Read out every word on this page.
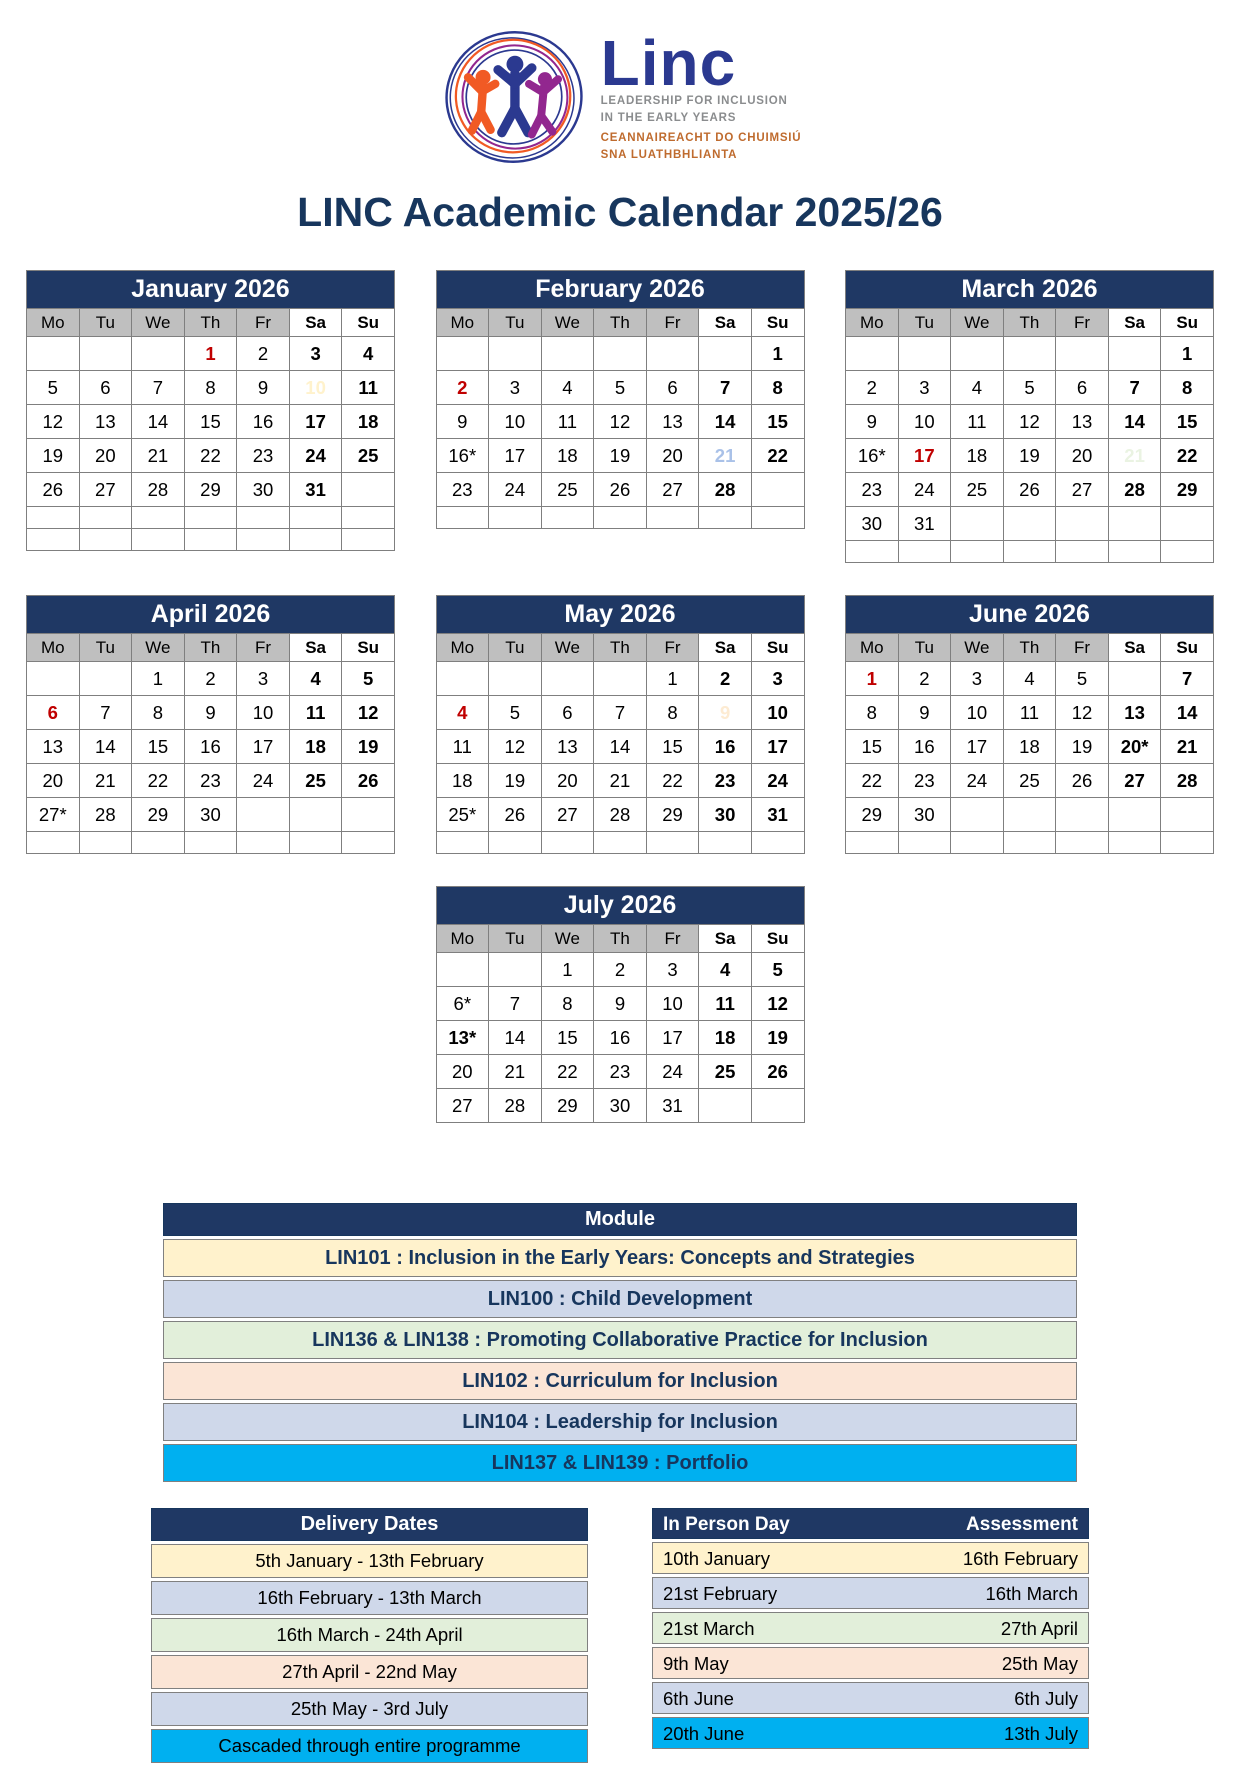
Linc
LEADERSHIP FOR INCLUSION
IN THE EARLY YEARS
CEANNAIREACHT DO CHUIMSIÚ
SNA LUATHBHLIANTA
LINC Academic Calendar 2025/26
January 2026						
Mo	Tu	We	Th	Fr	Sa	Su
			1	2	3	4
5	6	7	8	9	10	11
12	13	14	15	16	17	18
19	20	21	22	23	24	25
26	27	28	29	30	31	

February 2026						
Mo	Tu	We	Th	Fr	Sa	Su
						1
2	3	4	5	6	7	8
9	10	11	12	13	14	15
16*	17	18	19	20	21	22
23	24	25	26	27	28	

March 2026						
Mo	Tu	We	Th	Fr	Sa	Su
						1
2	3	4	5	6	7	8
9	10	11	12	13	14	15
16*	17	18	19	20	21	22
23	24	25	26	27	28	29
30	31					

April 2026						
Mo	Tu	We	Th	Fr	Sa	Su
		1	2	3	4	5
6	7	8	9	10	11	12
13	14	15	16	17	18	19
20	21	22	23	24	25	26
27*	28	29	30			

May 2026						
Mo	Tu	We	Th	Fr	Sa	Su
				1	2	3
4	5	6	7	8	9	10
11	12	13	14	15	16	17
18	19	20	21	22	23	24
25*	26	27	28	29	30	31

June 2026						
Mo	Tu	We	Th	Fr	Sa	Su
1	2	3	4	5	6	7
8	9	10	11	12	13	14
15	16	17	18	19	20*	21
22	23	24	25	26	27	28
29	30					

July 2026						
Mo	Tu	We	Th	Fr	Sa	Su
		1	2	3	4	5
6*	7	8	9	10	11	12
13*	14	15	16	17	18	19
20	21	22	23	24	25	26
27	28	29	30	31		
Module
LIN101 : Inclusion in the Early Years: Concepts and Strategies
LIN100 : Child Development
LIN136 & LIN138 : Promoting Collaborative Practice for Inclusion
LIN102 : Curriculum for Inclusion
LIN104 : Leadership for Inclusion
LIN137 & LIN139 : Portfolio
Delivery Dates
5th January - 13th February
16th February - 13th March
16th March - 24th April
27th April - 22nd May
25th May - 3rd July
Cascaded through entire programme
In Person Day	Assessment
10th January	16th February
21st February	16th March
21st March	27th April
9th May	25th May
6th June	6th July
20th June	13th July
